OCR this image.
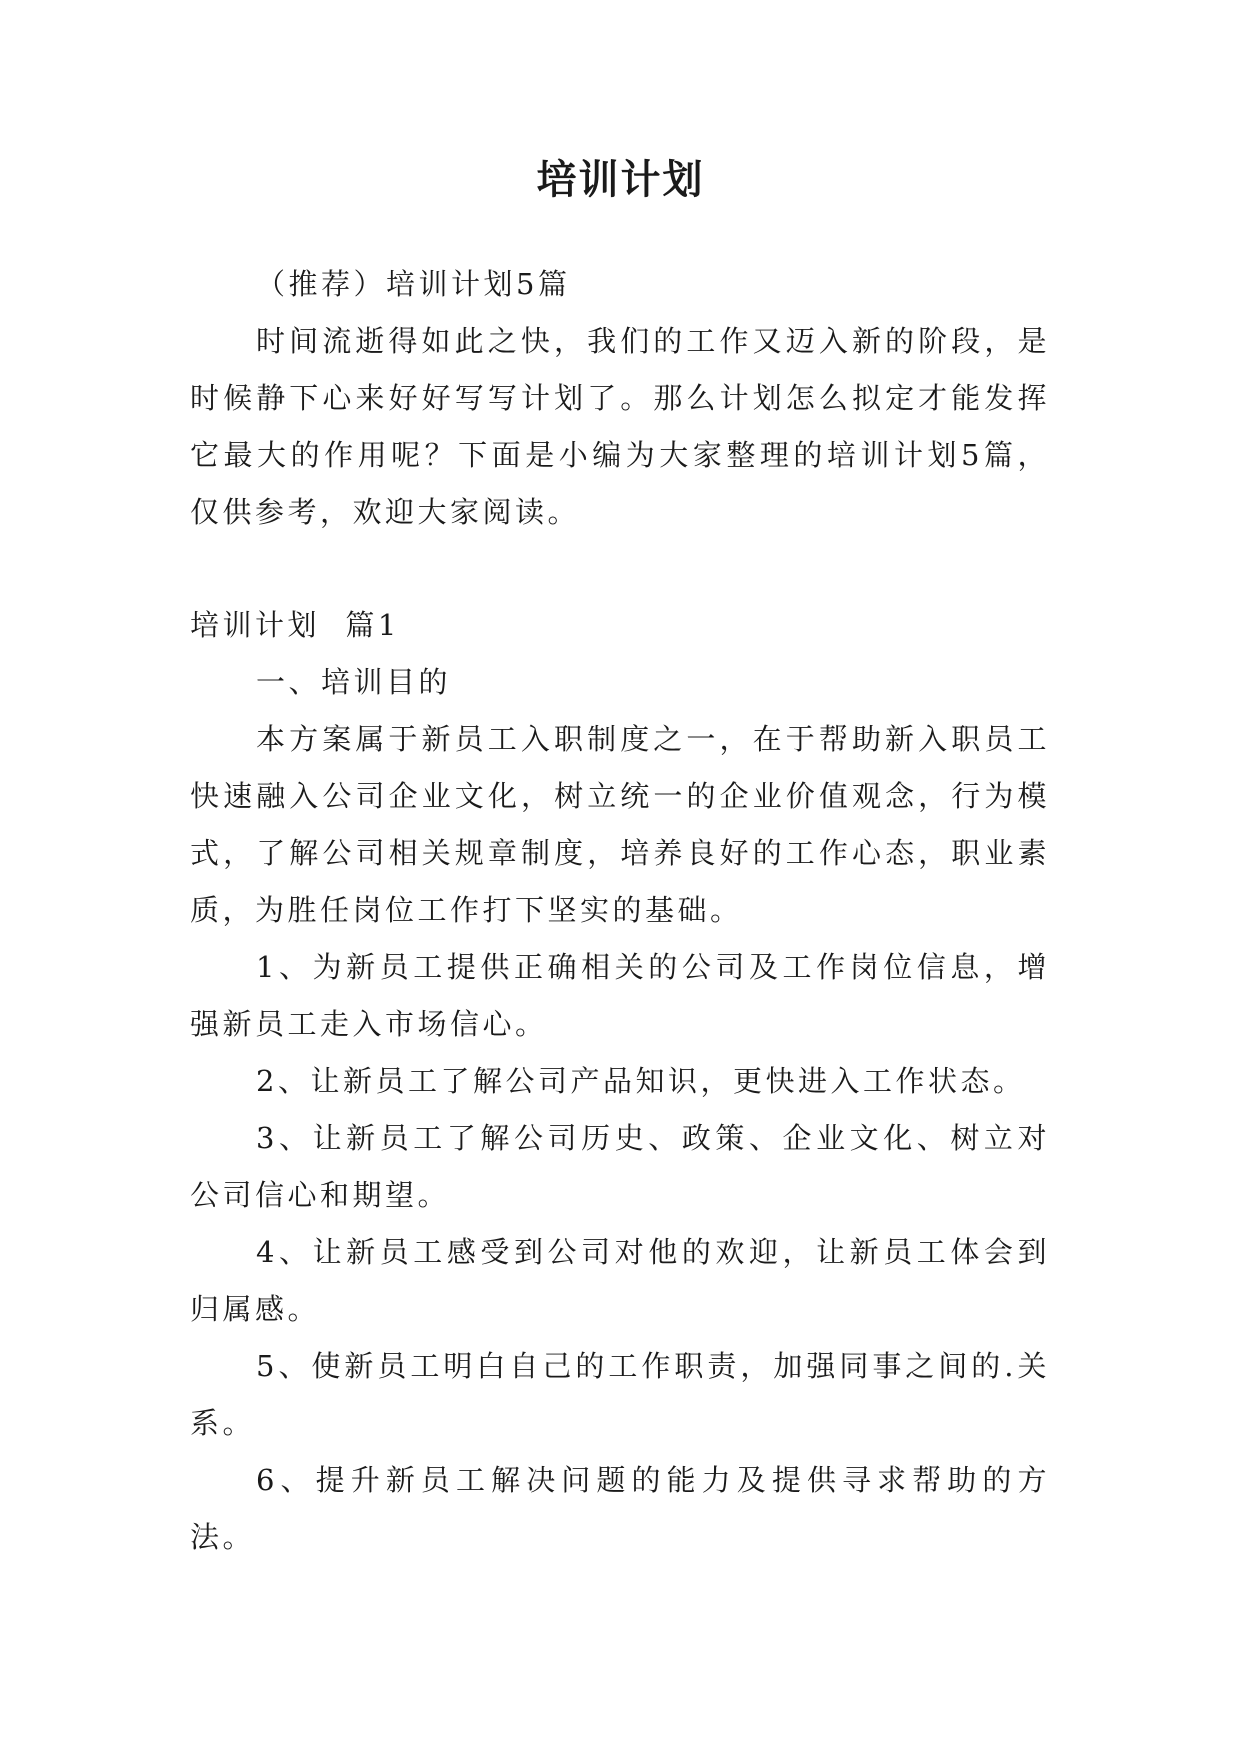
培训计划

（推荐）培训计划5篇

时间流逝得如此之快，我们的工作又迈入新的阶段，是时候静下心来好好写写计划了。那么计划怎么拟定才能发挥它最大的作用呢？下面是小编为大家整理的培训计划5篇，仅供参考，欢迎大家阅读。

培训计划  篇1

一、培训目的

本方案属于新员工入职制度之一，在于帮助新入职员工快速融入公司企业文化，树立统一的企业价值观念，行为模式，了解公司相关规章制度，培养良好的工作心态，职业素质，为胜任岗位工作打下坚实的基础。

1、为新员工提供正确相关的公司及工作岗位信息，增强新员工走入市场信心。

2、让新员工了解公司产品知识，更快进入工作状态。

3、让新员工了解公司历史、政策、企业文化、树立对公司信心和期望。

4、让新员工感受到公司对他的欢迎，让新员工体会到归属感。

5、使新员工明白自己的工作职责，加强同事之间的.关系。

6、提升新员工解决问题的能力及提供寻求帮助的方法。
